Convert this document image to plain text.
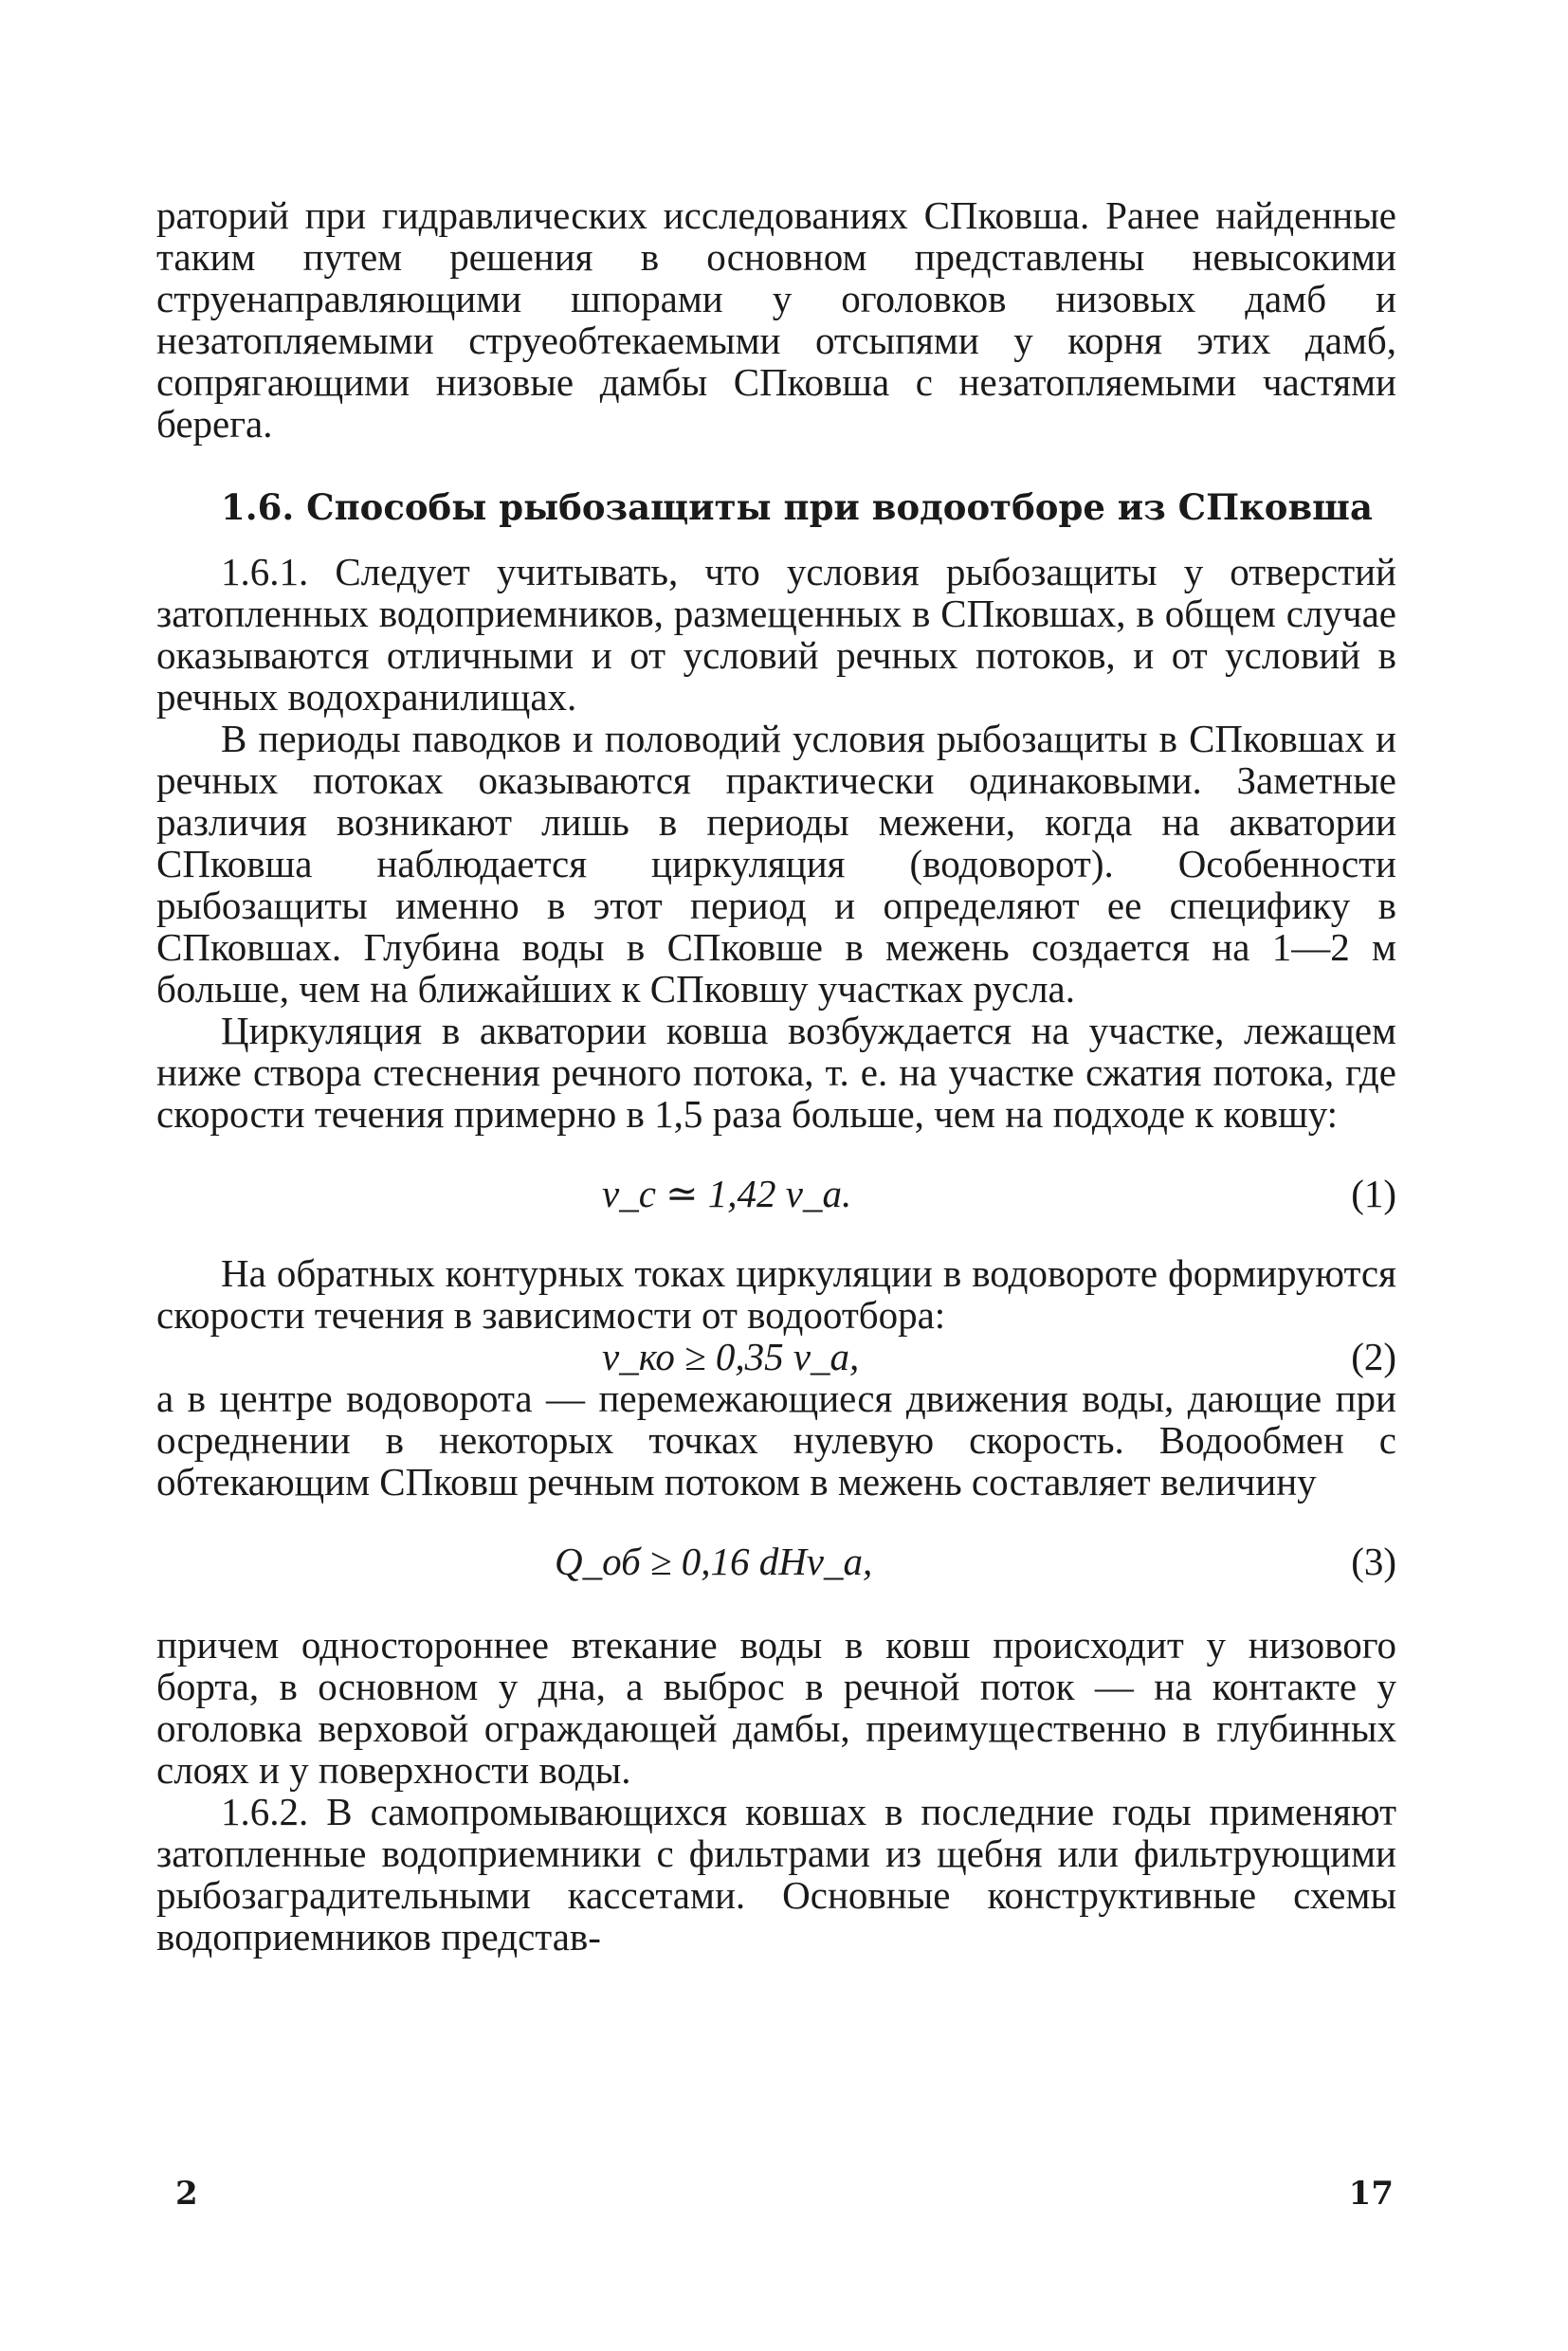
раторий при гидравлических исследованиях СПковша. Ранее найденные таким путем решения в основном представлены невысокими струенаправляющими шпорами у оголовков низовых дамб и незатопляемыми струеобтекаемыми отсыпями у корня этих дамб, сопрягающими низовые дамбы СПковша с незатопляемыми частями берега.

1.6. Способы рыбозащиты при водоотборе из СПковша

1.6.1. Следует учитывать, что условия рыбозащиты у отверстий затопленных водоприемников, размещенных в СПковшах, в общем случае оказываются отличными и от условий речных потоков, и от условий в речных водохранилищах.

В периоды паводков и половодий условия рыбозащиты в СПковшах и речных потоках оказываются практически одинаковыми. Заметные различия возникают лишь в периоды межени, когда на акватории СПковша наблюдается циркуляция (водоворот). Особенности рыбозащиты именно в этот период и определяют ее специфику в СПковшах. Глубина воды в СПковше в межень создается на 1—2 м больше, чем на ближайших к СПковшу участках русла.

Циркуляция в акватории ковша возбуждается на участке, лежащем ниже створа стеснения речного потока, т. е. на участке сжатия потока, где скорости течения примерно в 1,5 раза больше, чем на подходе к ковшу:

v_c ≃ 1,42 v_a.	(1)

На обратных контурных токах циркуляции в водовороте формируются скорости течения в зависимости от водоотбора:

v_ко ≥ 0,35 v_а,	(2)

а в центре водоворота — перемежающиеся движения воды, дающие при осреднении в некоторых точках нулевую скорость. Водообмен с обтекающим СПковш речным потоком в межень составляет величину

Q_об ≥ 0,16 dHv_а,	(3)

причем одностороннее втекание воды в ковш происходит у низового борта, в основном у дна, а выброс в речной поток — на контакте у оголовка верховой ограждающей дамбы, преимущественно в глубинных слоях и у поверхности воды.

1.6.2. В самопромывающихся ковшах в последние годы применяют затопленные водоприемники с фильтрами из щебня или фильтрующими рыбозаградительными кассетами. Основные конструктивные схемы водоприемников представ-

2	17
